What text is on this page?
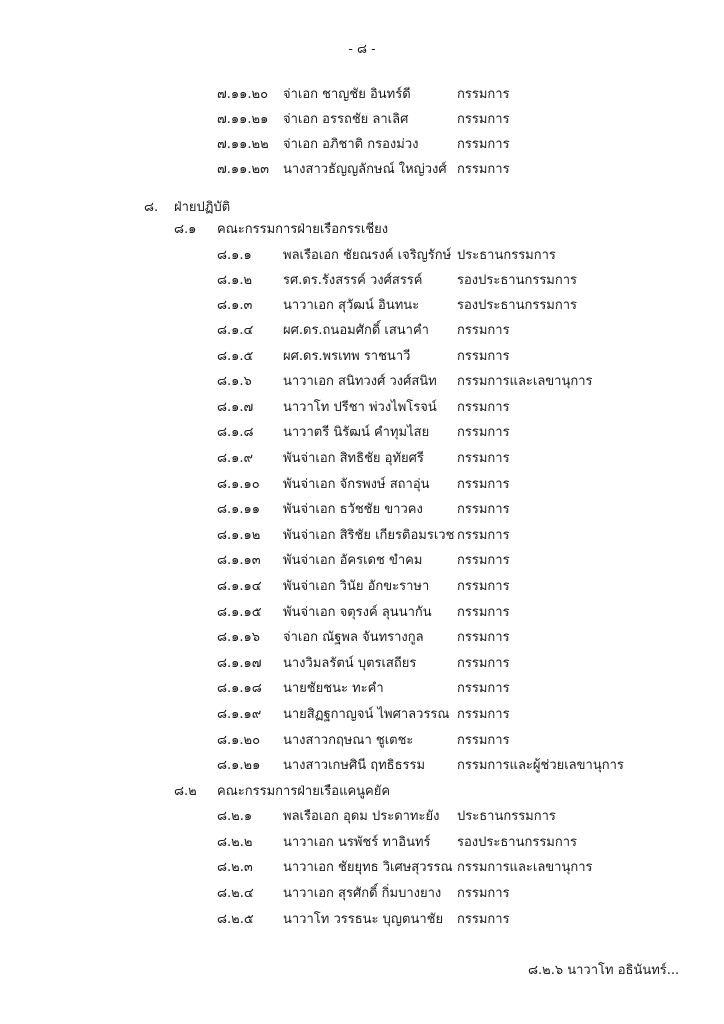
- ๘ -
๗.๑๑.๒๐ จ่าเอก ชาญชัย อินทร์ดี	กรรมการ
๗.๑๑.๒๑ จ่าเอก อรรถชัย ลาเลิศ	กรรมการ
๗.๑๑.๒๒ จ่าเอก อภิชาติ กรองม่วง	กรรมการ
๗.๑๑.๒๓ นางสาวธัญญลักษณ์ ใหญ่วงศ์ กรรมการ
๘. ฝ่ายปฏิบัติ
๘.๑ คณะกรรมการฝ่ายเรือกรรเชียง
๘.๑.๑ พลเรือเอก ชัยณรงค์ เจริญรักษ์ ประธานกรรมการ
๘.๑.๒ รศ.ดร.รังสรรค์ วงศ์สรรค์	รองประธานกรรมการ
๘.๑.๓ นาวาเอก สุวัฒน์ อินทนะ	รองประธานกรรมการ
๘.๑.๔ ผศ.ดร.ถนอมศักดิ์ เสนาคำ กรรมการ
๘.๑.๕ ผศ.ดร.พรเทพ ราชนาวี	กรรมการ
๘.๑.๖ นาวาเอก สนิทวงศ์ วงศ์สนิท กรรมการและเลขานุการ
๘.๑.๗ นาวาโท ปรีชา พ่วงไพโรจน์ กรรมการ
๘.๑.๘ นาวาตรี นิรัฒน์ คำทุมไสย กรรมการ
๘.๑.๙ พันจ่าเอก สิทธิชัย อุทัยศรี	กรรมการ
๘.๑.๑๐ พันจ่าเอก จักรพงษ์ สถาอุ่น กรรมการ
๘.๑.๑๑ พันจ่าเอก ธวัชชัย ขาวคง	กรรมการ
๘.๑.๑๒ พันจ่าเอก สิริชัย เกียรติอมรเวช กรรมการ
๘.๑.๑๓ พันจ่าเอก อัครเดช ขำคม	กรรมการ
๘.๑.๑๔ พันจ่าเอก วินัย อักขะราษา กรรมการ
๘.๑.๑๕ พันจ่าเอก จตุรงค์ ลุนนากัน กรรมการ
๘.๑.๑๖ จ่าเอก ณัฐพล จันทรางกูล	กรรมการ
๘.๑.๑๗ นางวิมลรัตน์ บุตรเสถียร	กรรมการ
๘.๑.๑๘ นายชัยชนะ ทะคำ	กรรมการ
๘.๑.๑๙ นายสิฏฐกาญจน์ ไพศาลวรรณ กรรมการ
๘.๑.๒๐ นางสาวกฤษณา ชูเตชะ	กรรมการ
๘.๑.๒๑ นางสาวเกษศินี ฤทธิธรรม กรรมการและผู้ช่วยเลขานุการ
๘.๒ คณะกรรมการฝ่ายเรือแคนูคยัค
๘.๒.๑ พลเรือเอก อุดม ประดาทะยัง ประธานกรรมการ
๘.๒.๒ นาวาเอก นรพัชร์ ทาอินทร์ รองประธานกรรมการ
๘.๒.๓ นาวาเอก ชัยยุทธ วิเศษสุวรรณ กรรมการและเลขานุการ
๘.๒.๔ นาวาเอก สุรศักดิ์ กิ่มบางยาง กรรมการ
๘.๒.๕ นาวาโท วรรธนะ บุญตนาชัย กรรมการ
๘.๒.๖ นาวาโท อธินันทร์...
